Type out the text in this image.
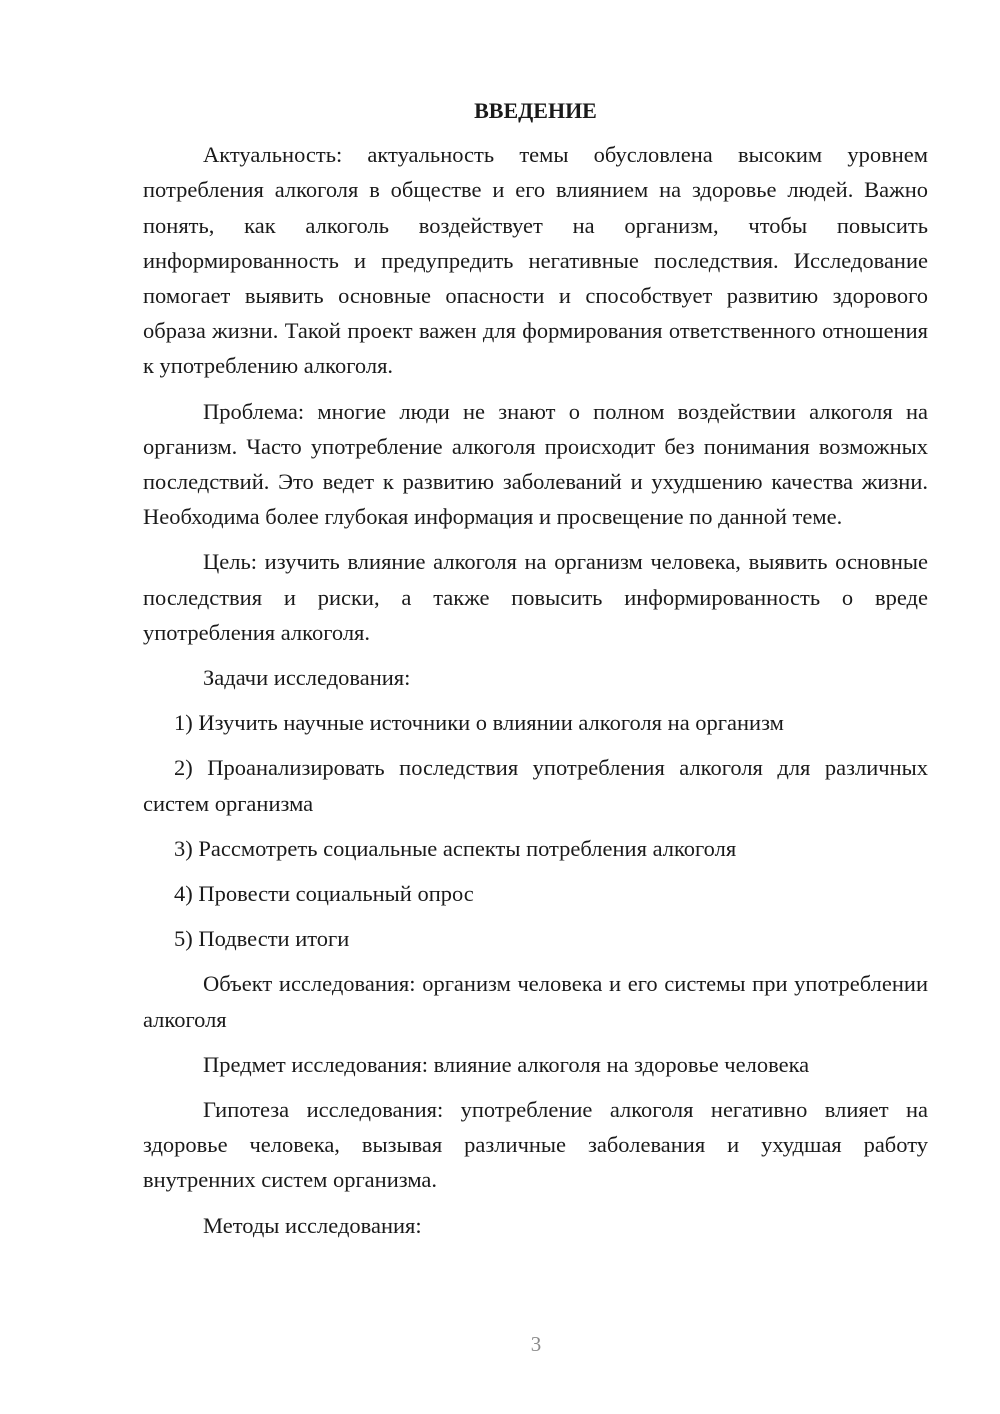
ВВЕДЕНИЕ

Актуальность: актуальность темы обусловлена высоким уровнем потребления алкоголя в обществе и его влиянием на здоровье людей. Важно понять, как алкоголь воздействует на организм, чтобы повысить информированность и предупредить негативные последствия. Исследование помогает выявить основные опасности и способствует развитию здорового образа жизни. Такой проект важен для формирования ответственного отношения к употреблению алкоголя.

Проблема: многие люди не знают о полном воздействии алкоголя на организм. Часто употребление алкоголя происходит без понимания возможных последствий. Это ведет к развитию заболеваний и ухудшению качества жизни. Необходима более глубокая информация и просвещение по данной теме.

Цель: изучить влияние алкоголя на организм человека, выявить основные последствия и риски, а также повысить информированность о вреде употребления алкоголя.

Задачи исследования:

1) Изучить научные источники о влиянии алкоголя на организм

2) Проанализировать последствия употребления алкоголя для различных систем организма

3) Рассмотреть социальные аспекты потребления алкоголя

4) Провести социальный опрос

5) Подвести итоги

Объект исследования: организм человека и его системы при употреблении алкоголя

Предмет исследования: влияние алкоголя на здоровье человека

Гипотеза исследования: употребление алкоголя негативно влияет на здоровье человека, вызывая различные заболевания и ухудшая работу внутренних систем организма.

Методы исследования:

3
